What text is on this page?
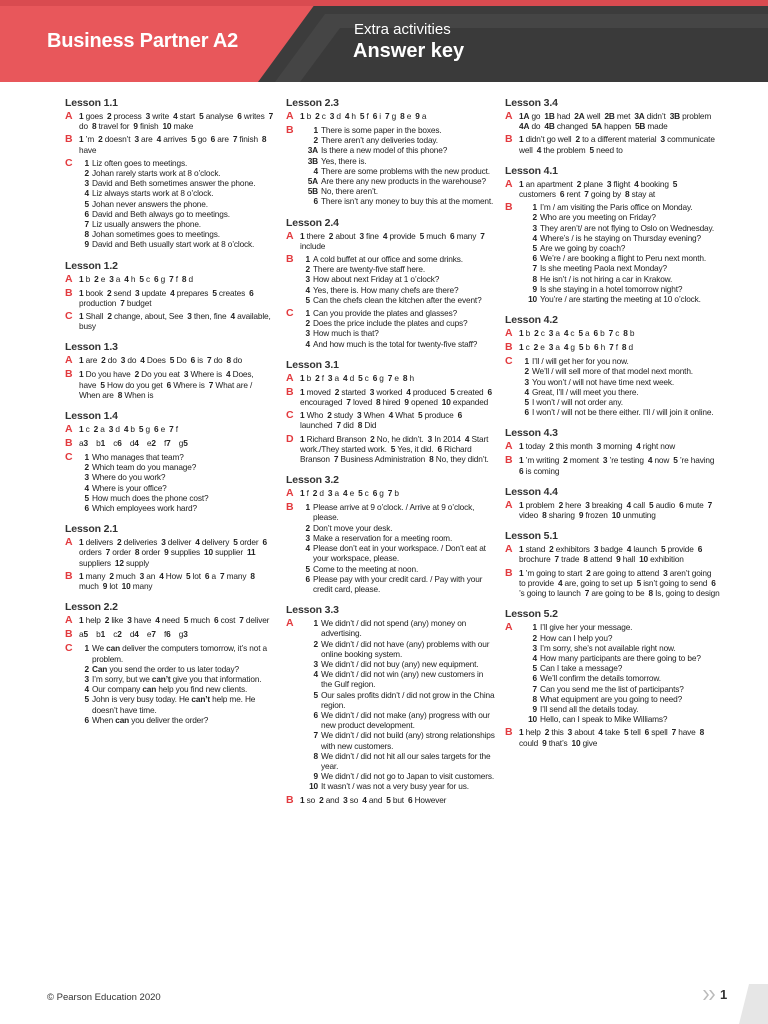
Business Partner A2
Extra activities
Answer key
Lesson 1.1
A 1 goes  2 process  3 write  4 start  5 analyse  6 writes  7 do  8 travel for  9 finish  10 make
B 1 ’m  2 doesn’t  3 are  4 arrives  5 go  6 are  7 finish  8 have
C	1 Liz often goes to meetings.
2 Johan rarely starts work at 8 o’clock.
3 David and Beth sometimes answer the phone.
4 Liz always starts work at 8 o’clock.
5 Johan never answers the phone.
6 David and Beth always go to meetings.
7 Liz usually answers the phone.
8 Johan sometimes goes to meetings.
9 David and Beth usually start work at 8 o’clock.
Lesson 1.2
A 1 b  2 e  3 a  4 h  5 c  6 g  7 f  8 d
B 1 book  2 send  3 update  4 prepares  5 creates  6 production  7 budget
C 1 Shall  2 change, about, See  3 then, fine  4 available, busy
Lesson 1.3
A 1 are  2 do  3 do  4 Does  5 Do  6 is  7 do  8 do
B 1 Do you have  2 Do you eat  3 Where is  4 Does, have  5 How do you get  6 Where is  7 What are / When are  8 When is
Lesson 1.4
A 1 c  2 a  3 d  4 b  5 g  6 e  7 f
B a3  b1  c6  d4  e2  f7  g5
C	1 Who manages that team?
2 Which team do you manage?
3 Where do you work?
4 Where is your office?
5 How much does the phone cost?
6 Which employees work hard?
Lesson 2.1
A 1 delivers  2 deliveries  3 deliver  4 delivery  5 order  6 orders  7 order  8 order  9 supplies  10 supplier  11 suppliers  12 supply
B 1 many  2 much  3 an  4 How  5 lot  6 a  7 many  8 much  9 lot  10 many
Lesson 2.2
A 1 help  2 like  3 have  4 need  5 much  6 cost  7 deliver
B a5  b1  c2  d4  e7  f6  g3
C	1 We can deliver the computers tomorrow, it’s not a problem.
2 Can you send the order to us later today?
3 I’m sorry, but we can’t give you that information.
4 Our company can help you find new clients.
5 John is very busy today. He can’t help me. He doesn’t have time.
6 When can you deliver the order?
Lesson 2.3
A 1 b  2 c  3 d  4 h  5 f  6 i  7 g  8 e  9 a
B	1 There is some paper in the boxes.
2 There aren’t any deliveries today.
3A Is there a new model of this phone?
3B Yes, there is.
4 There are some problems with the new product.
5A Are there any new products in the warehouse?
5B No, there aren’t.
6 There isn’t any money to buy this at the moment.
Lesson 2.4
A 1 there  2 about  3 fine  4 provide  5 much  6 many  7 include
B	1 A cold buffet at our office and some drinks.
2 There are twenty-five staff here.
3 How about next Friday at 1 o’clock?
4 Yes, there is. How many chefs are there?
5 Can the chefs clean the kitchen after the event?
C	1 Can you provide the plates and glasses?
2 Does the price include the plates and cups?
3 How much is that?
4 And how much is the total for twenty-five staff?
Lesson 3.1
A 1 b  2 f  3 a  4 d  5 c  6 g  7 e  8 h
B 1 moved  2 started  3 worked  4 produced  5 created  6 encouraged  7 loved  8 hired  9 opened  10 expanded
C 1 Who  2 study  3 When  4 What  5 produce  6 launched  7 did  8 Did
D 1 Richard Branson  2 No, he didn’t.  3 In 2014  4 Start work./They started work.  5 Yes, it did.  6 Richard Branson  7 Business Administration  8 No, they didn’t.
Lesson 3.2
A 1 f  2 d  3 a  4 e  5 c  6 g  7 b
B	1 Please arrive at 9 o’clock. / Arrive at 9 o’clock, please.
2 Don’t move your desk.
3 Make a reservation for a meeting room.
4 Please don’t eat in your workspace. / Don’t eat at your workspace, please.
5 Come to the meeting at noon.
6 Please pay with your credit card. / Pay with your credit card, please.
Lesson 3.3
A	1 We didn’t / did not spend (any) money on advertising.
2 We didn’t / did not have (any) problems with our online booking system.
3 We didn’t / did not buy (any) new equipment.
4 We didn’t / did not win (any) new customers in the Gulf region.
5 Our sales profits didn’t / did not grow in the China region.
6 We didn’t / did not make (any) progress with our new product development.
7 We didn’t / did not build (any) strong relationships with new customers.
8 We didn’t / did not hit all our sales targets for the year.
9 We didn’t / did not go to Japan to visit customers.
10 It wasn’t / was not a very busy year for us.
B 1 so  2 and  3 so  4 and  5 but  6 However
Lesson 3.4
A 1A go  1B had  2A well  2B met  3A didn’t  3B problem 4A do  4B changed  5A happen  5B made
B 1 didn’t go well  2 to a different material  3 communicate well  4 the problem  5 need to
Lesson 4.1
A 1 an apartment  2 plane  3 flight  4 booking  5 customers  6 rent  7 going by  8 stay at
B	1 I’m / am visiting the Paris office on Monday.
2 Who are you meeting on Friday?
3 They aren’t/ are not flying to Oslo on Wednesday.
4 Where’s / is he staying on Thursday evening?
5 Are we going by coach?
6 We’re / are booking a flight to Peru next month.
7 Is she meeting Paola next Monday?
8 He isn’t / is not hiring a car in Krakow.
9 Is she staying in a hotel tomorrow night?
10 You’re / are starting the meeting at 10 o’clock.
Lesson 4.2
A 1 b  2 c  3 a  4 c  5 a  6 b  7 c  8 b
B 1 c  2 e  3 a  4 g  5 b  6 h  7 f  8 d
C	1 I’ll / will get her for you now.
2 We’ll / will sell more of that model next month.
3 You won’t / will not have time next week.
4 Great, I’ll / will meet you there.
5 I won’t / will not order any.
6 I won’t / will not be there either. I’ll / will join it online.
Lesson 4.3
A 1 today  2 this month  3 morning  4 right now
B 1 ’m writing  2 moment  3 ’re testing  4 now  5 ’re having 6 is coming
Lesson 4.4
A 1 problem  2 here  3 breaking  4 call  5 audio  6 mute  7 video  8 sharing  9 frozen  10 unmuting
Lesson 5.1
A 1 stand  2 exhibitors  3 badge  4 launch  5 provide  6 brochure  7 trade  8 attend  9 hall  10 exhibition
B 1 ’m going to start  2 are going to attend  3 aren’t going to provide  4 are, going to set up  5 isn’t going to send  6 ’s going to launch  7 are going to be  8 Is, going to design
Lesson 5.2
A	1 I’ll give her your message.
2 How can I help you?
3 I’m sorry, she’s not available right now.
4 How many participants are there going to be?
5 Can I take a message?
6 We’ll confirm the details tomorrow.
7 Can you send me the list of participants?
8 What equipment are you going to need?
9 I’ll send all the details today.
10 Hello, can I speak to Mike Williams?
B 1 help  2 this  3 about  4 take  5 tell  6 spell  7 have  8 could  9 that’s  10 give
© Pearson Education 2020	1
